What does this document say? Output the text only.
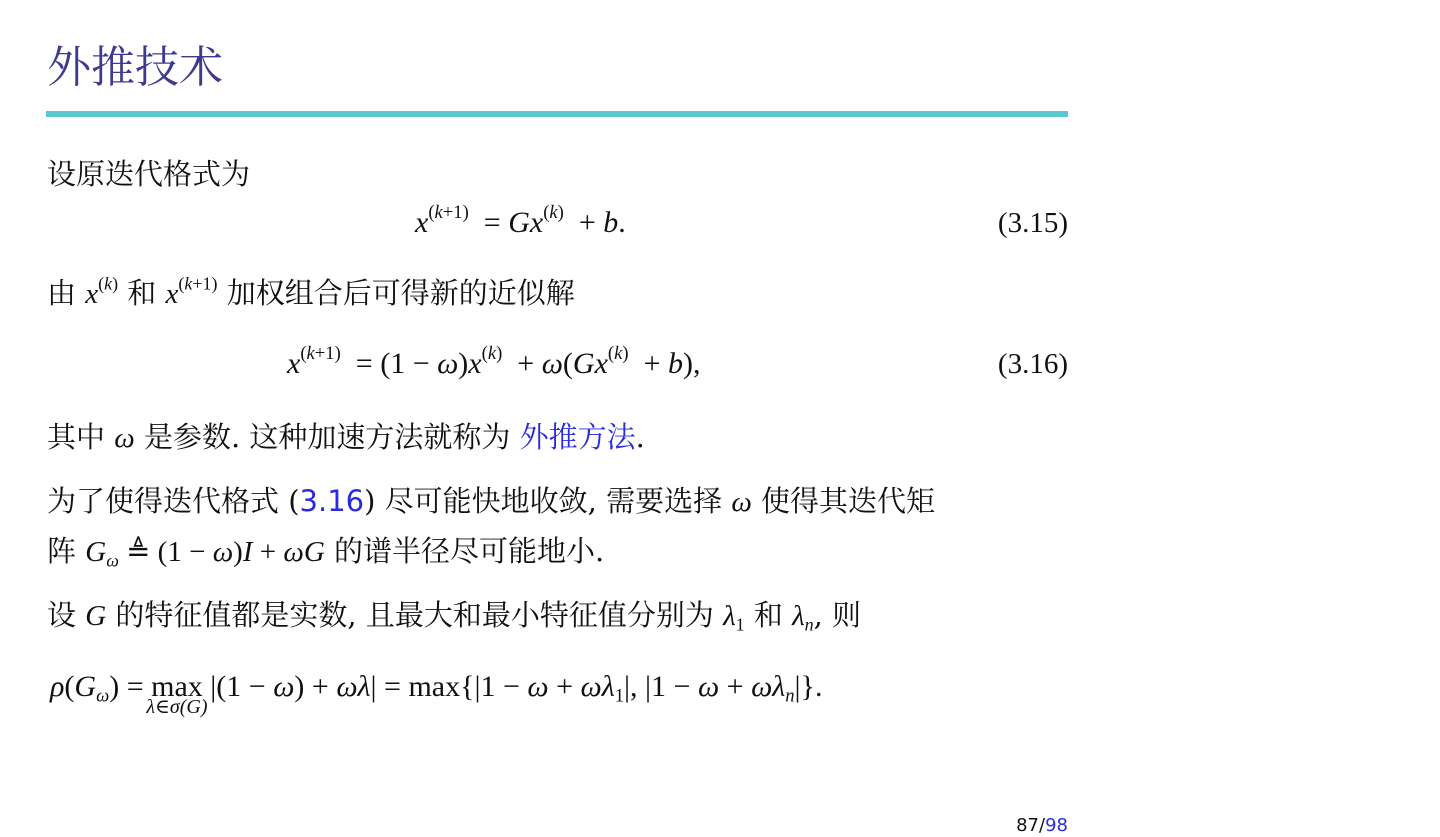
外推技术
设原迭代格式为
$x^{(k+1)} = Gx^{(k)} + b$.	(3.15)
由 $x^{(k)}$ 和 $x^{(k+1)}$ 加权组合后可得新的近似解
$x^{(k+1)} = (1 - \omega)x^{(k)} + \omega(Gx^{(k)} + b)$,	(3.16)
其中 ω 是参数. 这种加速方法就称为 外推方法.
为了使得迭代格式 (3.16) 尽可能快地收敛, 需要选择 ω 使得其迭代矩
阵 $G_\omega$ ≜ (1 − ω)I + ωG 的谱半径尽可能地小.
设 G 的特征值都是实数, 且最大和最小特征值分别为 $\lambda_1$ 和 $\lambda_n$, 则
$\rho(G_\omega) = \max$
λ∈σ(G)
$|(1 - \omega) + \omega\lambda| = \max\{|1 - \omega + \omega\lambda_1|$, $|1 - \omega + \omega\lambda_n|$}.
87/98
